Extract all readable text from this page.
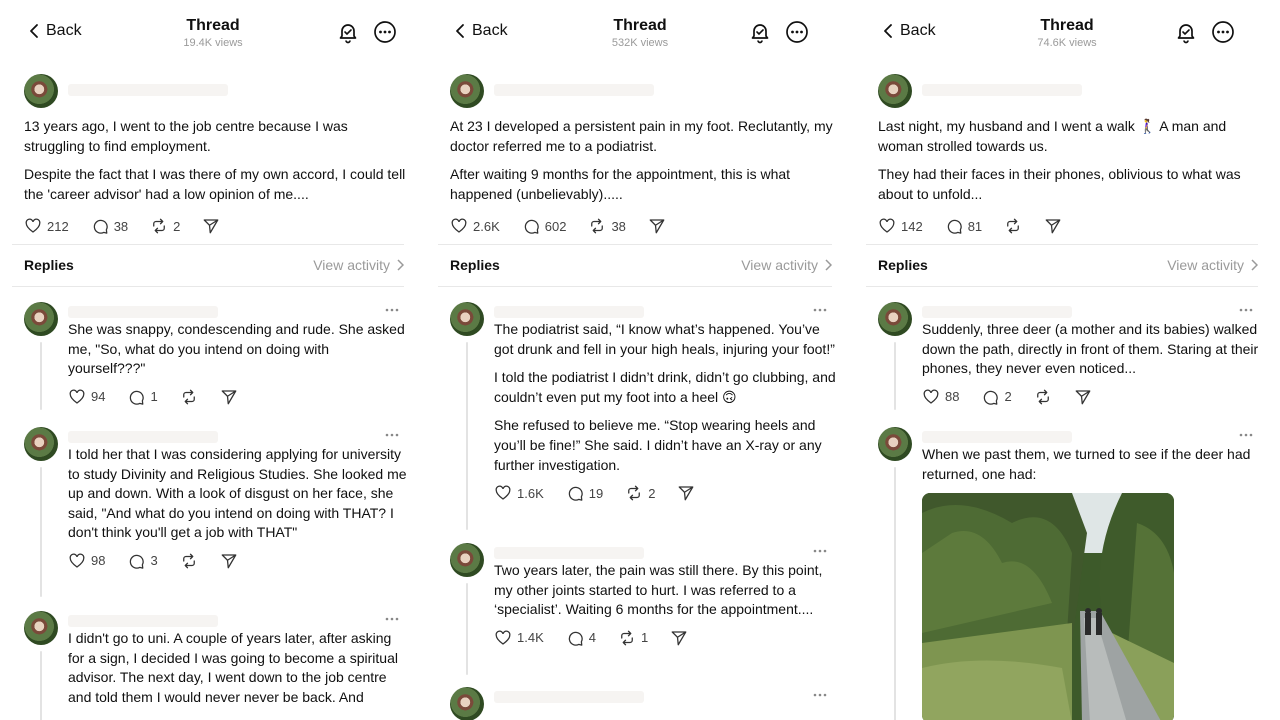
Back	Thread
19.4K views

13 years ago, I went to the job centre because I was struggling to find employment.

Despite the fact that I was there of my own accord, I could tell the 'career advisor' had a low opinion of me....

212	38	2
Replies	View activity

She was snappy, condescending and rude. She asked me, "So, what do you intend on doing with yourself???"

94	1

I told her that I was considering applying for university to study Divinity and Religious Studies. She looked me up and down. With a look of disgust on her face, she said, "And what do you intend on doing with THAT? I don't think you'll get a job with THAT"

98	3

I didn't go to uni. A couple of years later, after asking for a sign, I decided I was going to become a spiritual advisor. The next day, I went down to the job centre and told them I would never never be back. And

Back	Thread
532K views

At 23 I developed a persistent pain in my foot. Reclutantly, my doctor referred me to a podiatrist.

After waiting 9 months for the appointment, this is what happened (unbelievably).....

2.6K	602	38
Replies	View activity

The podiatrist said, “I know what’s happened. You’ve got drunk and fell in your high heals, injuring your foot!”

I told the podiatrist I didn’t drink, didn’t go clubbing, and couldn’t even put my foot into a heel 🙃

She refused to believe me. “Stop wearing heels and you’ll be fine!” She said. I didn’t have an X-ray or any further investigation.

1.6K	19	2

Two years later, the pain was still there. By this point, my other joints started to hurt. I was referred to a ‘specialist’. Waiting 6 months for the appointment....

1.4K	4	1
Back	Thread
74.6K views

Last night, my husband and I went a walk 🚶‍♀️ A man and woman strolled towards us.

They had their faces in their phones, oblivious to what was about to unfold...

142	81
Replies	View activity

Suddenly, three deer (a mother and its babies) walked down the path, directly in front of them. Staring at their phones, they never even noticed...

88	2

When we past them, we turned to see if the deer had returned, one had:
